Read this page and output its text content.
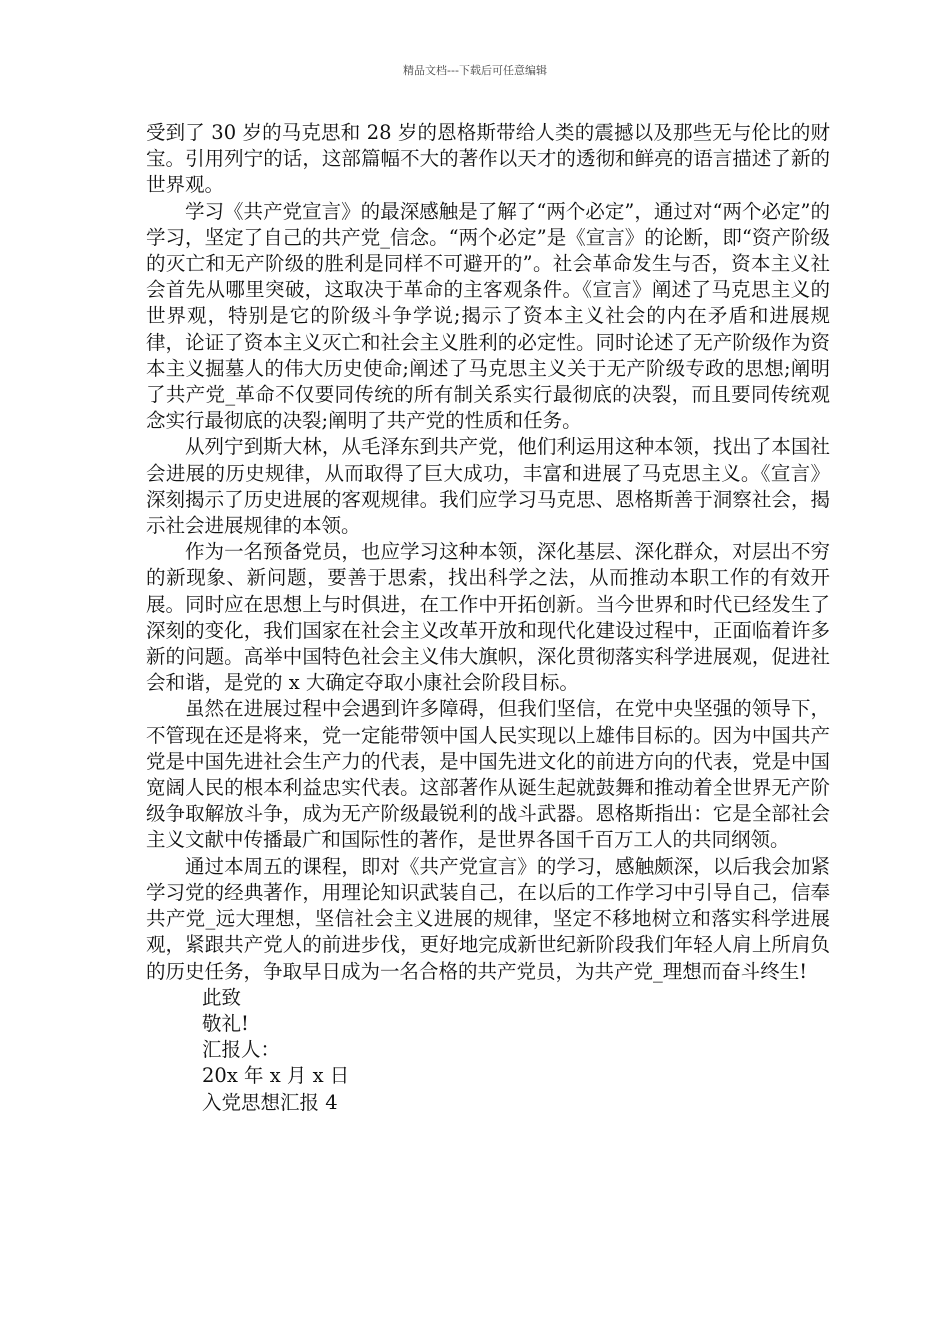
精品文档---下载后可任意编辑

受到了 30 岁的马克思和 28 岁的恩格斯带给人类的震撼以及那些无与伦比的财宝。引用列宁的话，这部篇幅不大的著作以天才的透彻和鲜亮的语言描述了新的世界观。

学习《共产党宣言》的最深感触是了解了“两个必定”，通过对“两个必定”的学习，坚定了自己的共产党_信念。“两个必定”是《宣言》的论断，即“资产阶级的灭亡和无产阶级的胜利是同样不可避开的”。社会革命发生与否，资本主义社会首先从哪里突破，这取决于革命的主客观条件。《宣言》阐述了马克思主义的世界观，特别是它的阶级斗争学说;揭示了资本主义社会的内在矛盾和进展规律，论证了资本主义灭亡和社会主义胜利的必定性。同时论述了无产阶级作为资本主义掘墓人的伟大历史使命;阐述了马克思主义关于无产阶级专政的思想;阐明了共产党_革命不仅要同传统的所有制关系实行最彻底的决裂，而且要同传统观念实行最彻底的决裂;阐明了共产党的性质和任务。

从列宁到斯大林，从毛泽东到共产党，他们利运用这种本领，找出了本国社会进展的历史规律，从而取得了巨大成功，丰富和进展了马克思主义。《宣言》深刻揭示了历史进展的客观规律。我们应学习马克思、恩格斯善于洞察社会，揭示社会进展规律的本领。

作为一名预备党员，也应学习这种本领，深化基层、深化群众，对层出不穷的新现象、新问题，要善于思索，找出科学之法，从而推动本职工作的有效开展。同时应在思想上与时俱进，在工作中开拓创新。当今世界和时代已经发生了深刻的变化，我们国家在社会主义改革开放和现代化建设过程中，正面临着许多新的问题。高举中国特色社会主义伟大旗帜，深化贯彻落实科学进展观，促进社会和谐，是党的 x 大确定夺取小康社会阶段目标。

虽然在进展过程中会遇到许多障碍，但我们坚信，在党中央坚强的领导下，不管现在还是将来，党一定能带领中国人民实现以上雄伟目标的。因为中国共产党是中国先进社会生产力的代表，是中国先进文化的前进方向的代表，党是中国宽阔人民的根本利益忠实代表。这部著作从诞生起就鼓舞和推动着全世界无产阶级争取解放斗争，成为无产阶级最锐利的战斗武器。恩格斯指出：它是全部社会主义文献中传播最广和国际性的著作，是世界各国千百万工人的共同纲领。

通过本周五的课程，即对《共产党宣言》的学习，感触颇深，以后我会加紧学习党的经典著作，用理论知识武装自己，在以后的工作学习中引导自己，信奉共产党_远大理想，坚信社会主义进展的规律，坚定不移地树立和落实科学进展观，紧跟共产党人的前进步伐，更好地完成新世纪新阶段我们年轻人肩上所肩负的历史任务，争取早日成为一名合格的共产党员，为共产党_理想而奋斗终生!

此致

敬礼!

汇报人：

20x 年 x 月 x 日

入党思想汇报 4
